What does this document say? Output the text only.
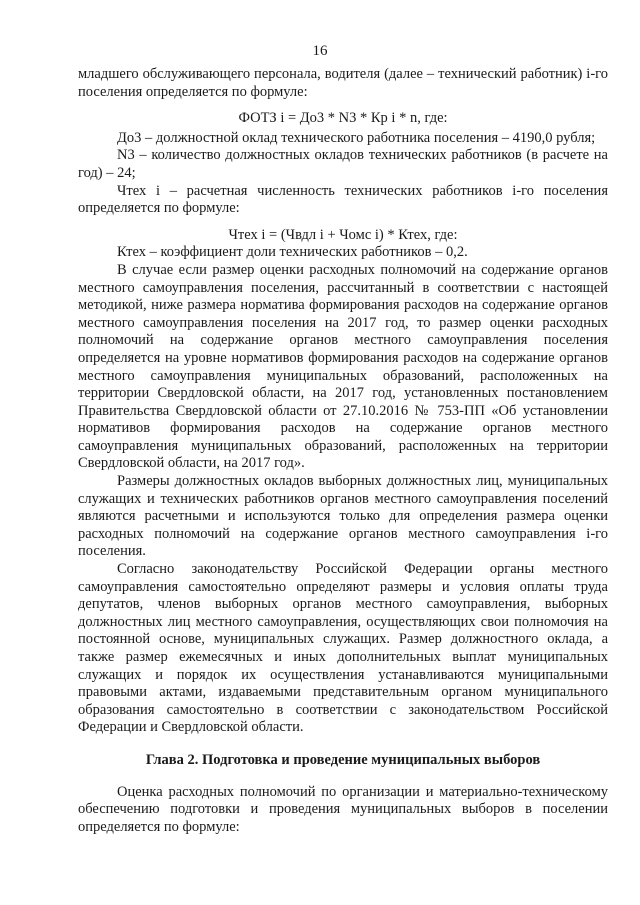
16

младшего обслуживающего персонала, водителя (далее – технический работник) i-го поселения определяется по формуле:

ФОТЗ i = До3 * N3 * Кр i * n, где:

До3 – должностной оклад технического работника поселения – 4190,0 рубля;

N3 – количество должностных окладов технических работников (в расчете на год) – 24;

Чтех i – расчетная численность технических работников i-го поселения определяется по формуле:

Чтех i = (Чвдл i + Чомс i) * Ктех, где:

Ктех – коэффициент доли технических работников – 0,2.

В случае если размер оценки расходных полномочий на содержание органов местного самоуправления поселения, рассчитанный в соответствии с настоящей методикой, ниже размера норматива формирования расходов на содержание органов местного самоуправления поселения на 2017 год, то размер оценки расходных полномочий на содержание органов местного самоуправления поселения определяется на уровне нормативов формирования расходов на содержание органов местного самоуправления муниципальных образований, расположенных на территории Свердловской области, на 2017 год, установленных постановлением Правительства Свердловской области от 27.10.2016 № 753-ПП «Об установлении нормативов формирования расходов на содержание органов местного самоуправления муниципальных образований, расположенных на территории Свердловской области, на 2017 год».

Размеры должностных окладов выборных должностных лиц, муниципальных служащих и технических работников органов местного самоуправления поселений являются расчетными и используются только для определения размера оценки расходных полномочий на содержание органов местного самоуправления i-го поселения.

Согласно законодательству Российской Федерации органы местного самоуправления самостоятельно определяют размеры и условия оплаты труда депутатов, членов выборных органов местного самоуправления, выборных должностных лиц местного самоуправления, осуществляющих свои полномочия на постоянной основе, муниципальных служащих. Размер должностного оклада, а также размер ежемесячных и иных дополнительных выплат муниципальных служащих и порядок их осуществления устанавливаются муниципальными правовыми актами, издаваемыми представительным органом муниципального образования самостоятельно в соответствии с законодательством Российской Федерации и Свердловской области.

Глава 2. Подготовка и проведение муниципальных выборов

Оценка расходных полномочий по организации и материально-техническому обеспечению подготовки и проведения муниципальных выборов в поселении определяется по формуле:
